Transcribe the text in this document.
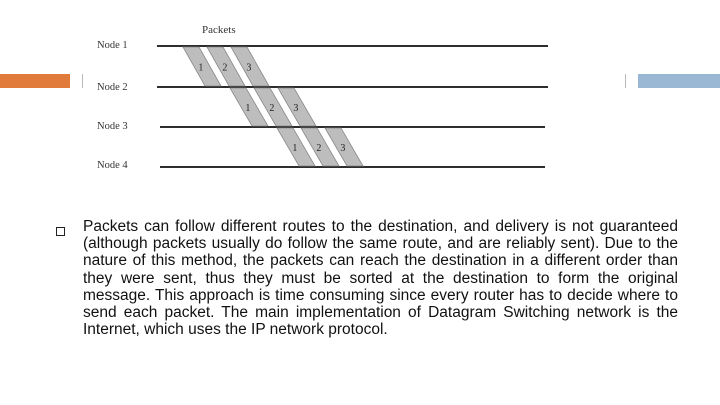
Packets
Node 1
Node 2
Node 3
Node 4
1 2 3
1 2 3
1 2 3
Packets can follow different routes to the destination, and delivery is not guaranteed (although packets usually do follow the same route, and are reliably sent). Due to the nature of this method, the packets can reach the destination in a different order than they were sent, thus they must be sorted at the destination to form the original message. This approach is time consuming since every router has to decide where to send each packet. The main implementation of Datagram Switching network is the Internet, which uses the IP network protocol.
